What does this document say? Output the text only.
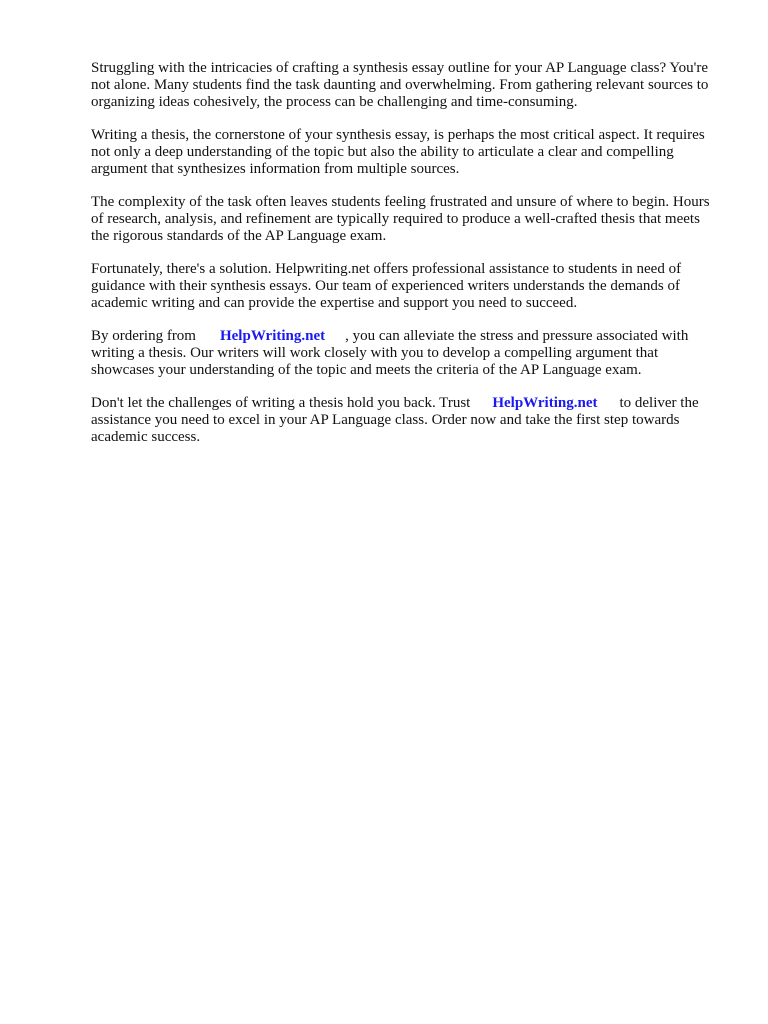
Struggling with the intricacies of crafting a synthesis essay outline for your AP Language class? You're not alone. Many students find the task daunting and overwhelming. From gathering relevant sources to organizing ideas cohesively, the process can be challenging and time-consuming.

Writing a thesis, the cornerstone of your synthesis essay, is perhaps the most critical aspect. It requires not only a deep understanding of the topic but also the ability to articulate a clear and compelling argument that synthesizes information from multiple sources.

The complexity of the task often leaves students feeling frustrated and unsure of where to begin. Hours of research, analysis, and refinement are typically required to produce a well-crafted thesis that meets the rigorous standards of the AP Language exam.

Fortunately, there's a solution. Helpwriting.net offers professional assistance to students in need of guidance with their synthesis essays. Our team of experienced writers understands the demands of academic writing and can provide the expertise and support you need to succeed.

By ordering from HelpWriting.net , you can alleviate the stress and pressure associated with writing a thesis. Our writers will work closely with you to develop a compelling argument that showcases your understanding of the topic and meets the criteria of the AP Language exam.

Don't let the challenges of writing a thesis hold you back. Trust HelpWriting.net to deliver the assistance you need to excel in your AP Language class. Order now and take the first step towards academic success.
